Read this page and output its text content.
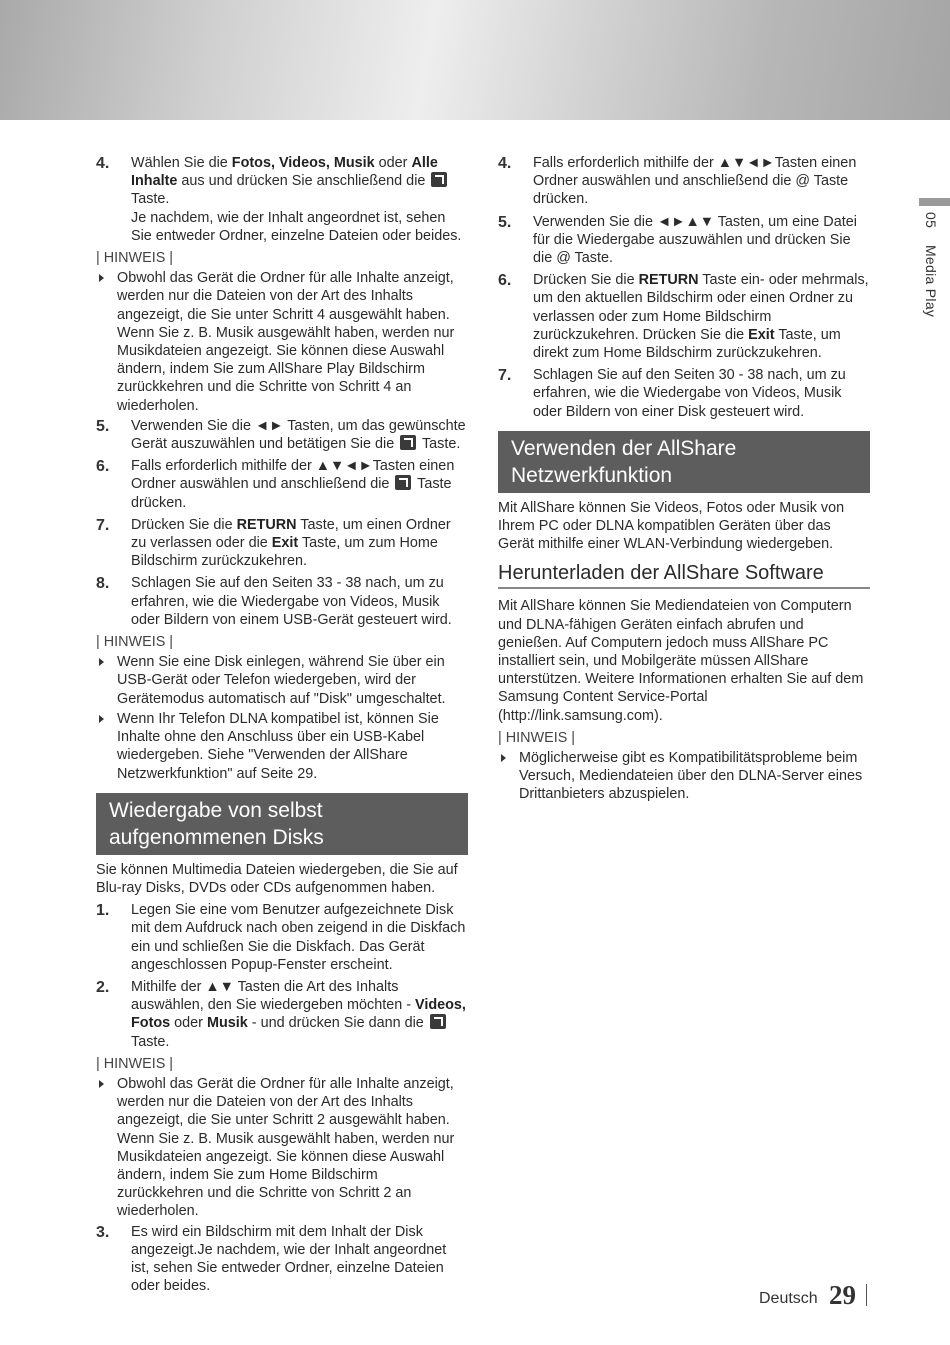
05    Media Play
4. Wählen Sie die Fotos, Videos, Musik oder Alle Inhalte aus und drücken Sie anschließend die  Taste.
Je nachdem, wie der Inhalt angeordnet ist, sehen Sie entweder Ordner, einzelne Dateien oder beides.
| HINWEIS |
Obwohl das Gerät die Ordner für alle Inhalte anzeigt, werden nur die Dateien von der Art des Inhalts angezeigt, die Sie unter Schritt 4 ausgewählt haben. Wenn Sie z. B. Musik ausgewählt haben, werden nur Musikdateien angezeigt. Sie können diese Auswahl ändern, indem Sie zum AllShare Play Bildschirm zurückkehren und die Schritte von Schritt 4 an wiederholen.
5. Verwenden Sie die ◄► Tasten, um das gewünschte Gerät auszuwählen und betätigen Sie die  Taste.
6. Falls erforderlich mithilfe der ▲▼◄►Tasten einen Ordner auswählen und anschließend die  Taste drücken.
7. Drücken Sie die RETURN Taste, um einen Ordner zu verlassen oder die Exit Taste, um zum Home Bildschirm zurückzukehren.
8. Schlagen Sie auf den Seiten 33 - 38 nach, um zu erfahren, wie die Wiedergabe von Videos, Musik oder Bildern von einem USB-Gerät gesteuert wird.
| HINWEIS |
Wenn Sie eine Disk einlegen, während Sie über ein USB-Gerät oder Telefon wiedergeben, wird der Gerätemodus automatisch auf "Disk" umgeschaltet.
Wenn Ihr Telefon DLNA kompatibel ist, können Sie Inhalte ohne den Anschluss über ein USB-Kabel wiedergeben. Siehe "Verwenden der AllShare Netzwerkfunktion" auf Seite 29.
Wiedergabe von selbst aufgenommenen Disks
Sie können Multimedia Dateien wiedergeben, die Sie auf Blu-ray Disks, DVDs oder CDs aufgenommen haben.
1. Legen Sie eine vom Benutzer aufgezeichnete Disk mit dem Aufdruck nach oben zeigend in die Diskfach ein und schließen Sie die Diskfach. Das Gerät angeschlossen Popup-Fenster erscheint.
2. Mithilfe der ▲▼ Tasten die Art des Inhalts auswählen, den Sie wiedergeben möchten - Videos, Fotos oder Musik - und drücken Sie dann die  Taste.
| HINWEIS |
Obwohl das Gerät die Ordner für alle Inhalte anzeigt, werden nur die Dateien von der Art des Inhalts angezeigt, die Sie unter Schritt 2 ausgewählt haben. Wenn Sie z. B. Musik ausgewählt haben, werden nur Musikdateien angezeigt. Sie können diese Auswahl ändern, indem Sie zum Home Bildschirm zurückkehren und die Schritte von Schritt 2 an wiederholen.
3. Es wird ein Bildschirm mit dem Inhalt der Disk angezeigt.Je nachdem, wie der Inhalt angeordnet ist, sehen Sie entweder Ordner, einzelne Dateien oder beides.
4. Falls erforderlich mithilfe der ▲▼◄►Tasten einen Ordner auswählen und anschließend die @ Taste drücken.
5. Verwenden Sie die ◄►▲▼ Tasten, um eine Datei für die Wiedergabe auszuwählen und drücken Sie die @ Taste.
6. Drücken Sie die RETURN Taste ein- oder mehrmals, um den aktuellen Bildschirm oder einen Ordner zu verlassen oder zum Home Bildschirm zurückzukehren. Drücken Sie die Exit Taste, um direkt zum Home Bildschirm zurückzukehren.
7. Schlagen Sie auf den Seiten 30 - 38 nach, um zu erfahren, wie die Wiedergabe von Videos, Musik oder Bildern von einer Disk gesteuert wird.
Verwenden der AllShare Netzwerkfunktion
Mit AllShare können Sie Videos, Fotos oder Musik von Ihrem PC oder DLNA kompatiblen Geräten über das Gerät mithilfe einer WLAN-Verbindung wiedergeben.
Herunterladen der AllShare Software
Mit AllShare können Sie Mediendateien von Computern und DLNA-fähigen Geräten einfach abrufen und genießen. Auf Computern jedoch muss AllShare PC installiert sein, und Mobilgeräte müssen AllShare unterstützen. Weitere Informationen erhalten Sie auf dem Samsung Content Service-Portal (http://link.samsung.com).
| HINWEIS |
Möglicherweise gibt es Kompatibilitätsprobleme beim Versuch, Mediendateien über den DLNA-Server eines Drittanbieters abzuspielen.
Deutsch 29
